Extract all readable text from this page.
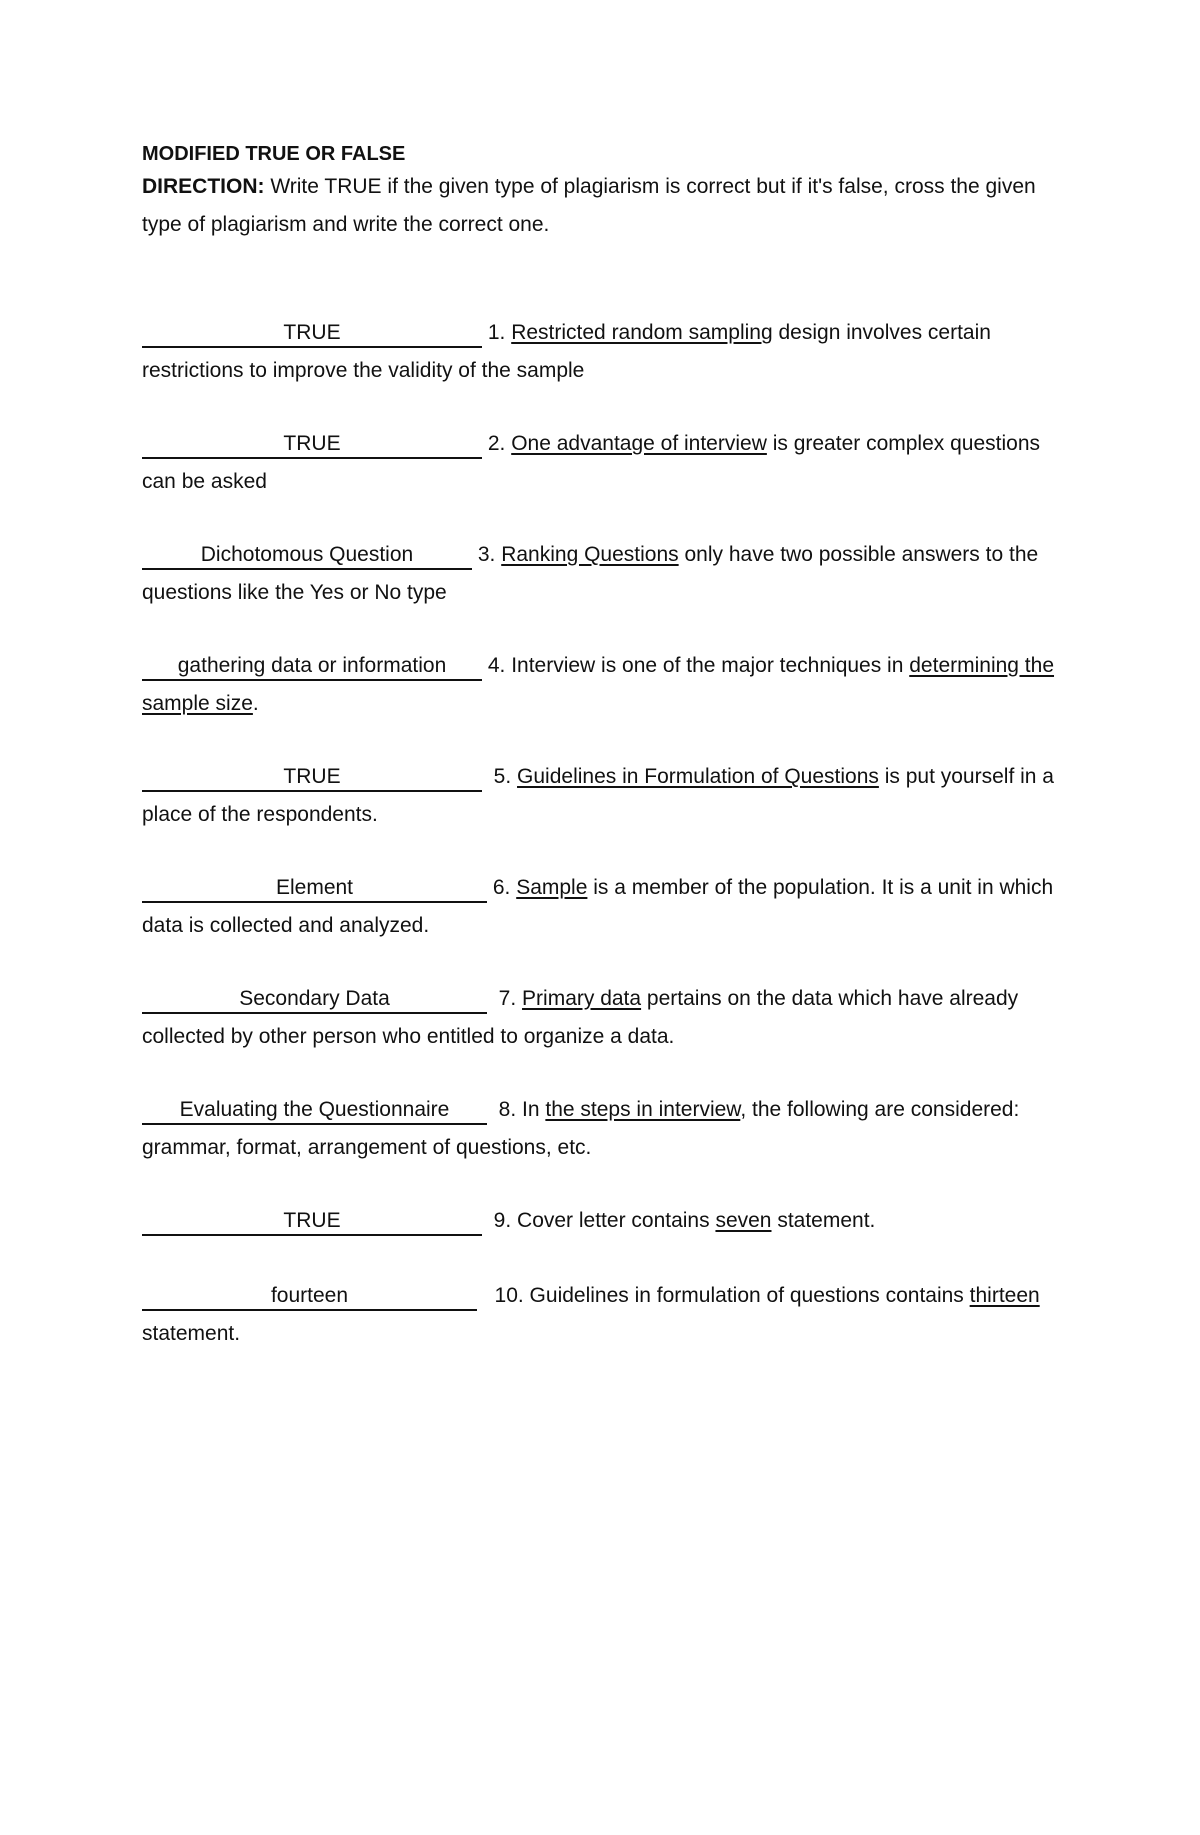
MODIFIED TRUE OR FALSE

DIRECTION: Write TRUE if the given type of plagiarism is correct but if it's false, cross the given type of plagiarism and write the correct one.

TRUE	1. Restricted random sampling design involves certain restrictions to improve the validity of the sample
TRUE	2. One advantage of interview is greater complex questions can be asked
Dichotomous Question	3. Ranking Questions only have two possible answers to the questions like the Yes or No type
gathering data or information 4. Interview is one of the major techniques in determining the sample size.
TRUE	5. Guidelines in Formulation of Questions is put yourself in a place of the respondents.
Element	6. Sample is a member of the population. It is a unit in which data is collected and analyzed.
Secondary Data	7. Primary data pertains on the data which have already collected by other person who entitled to organize a data.
Evaluating the Questionnaire 8. In the steps in interview, the following are considered: grammar, format, arrangement of questions, etc.
TRUE	9. Cover letter contains seven statement.
fourteen	10. Guidelines in formulation of questions contains thirteen statement.
